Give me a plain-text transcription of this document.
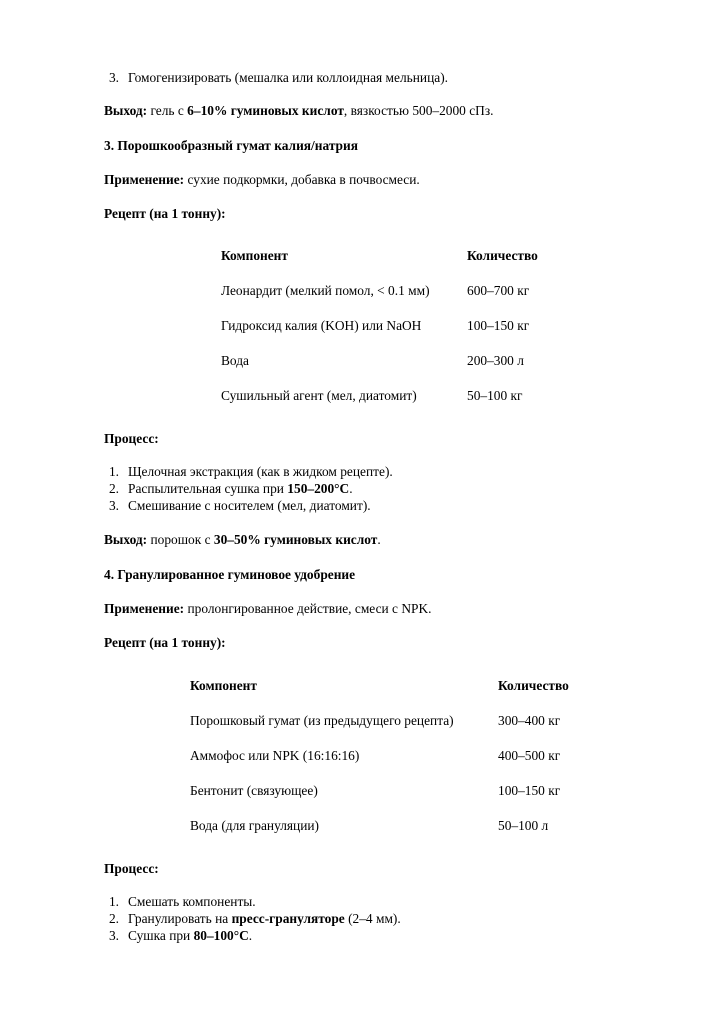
3. Гомогенизировать (мешалка или коллоидная мельница).
Выход: гель с 6–10% гуминовых кислот, вязкостью 500–2000 сПз.
3. Порошкообразный гумат калия/натрия
Применение: сухие подкормки, добавка в почвосмеси.
Рецепт (на 1 тонну):
Компонент	Количество
Леонардит (мелкий помол, < 0.1 мм)	600–700 кг
Гидроксид калия (KOH) или NaOH	100–150 кг
Вода	200–300 л
Сушильный агент (мел, диатомит)	50–100 кг
Процесс:
1. Щелочная экстракция (как в жидком рецепте).
2. Распылительная сушка при 150–200°C.
3. Смешивание с носителем (мел, диатомит).
Выход: порошок с 30–50% гуминовых кислот.
4. Гранулированное гуминовое удобрение
Применение: пролонгированное действие, смеси с NPK.
Рецепт (на 1 тонну):
Компонент	Количество
Порошковый гумат (из предыдущего рецепта)	300–400 кг
Аммофос или NPK (16:16:16)	400–500 кг
Бентонит (связующее)	100–150 кг
Вода (для грануляции)	50–100 л
Процесс:
1. Смешать компоненты.
2. Гранулировать на пресс-грануляторе (2–4 мм).
3. Сушка при 80–100°C.
